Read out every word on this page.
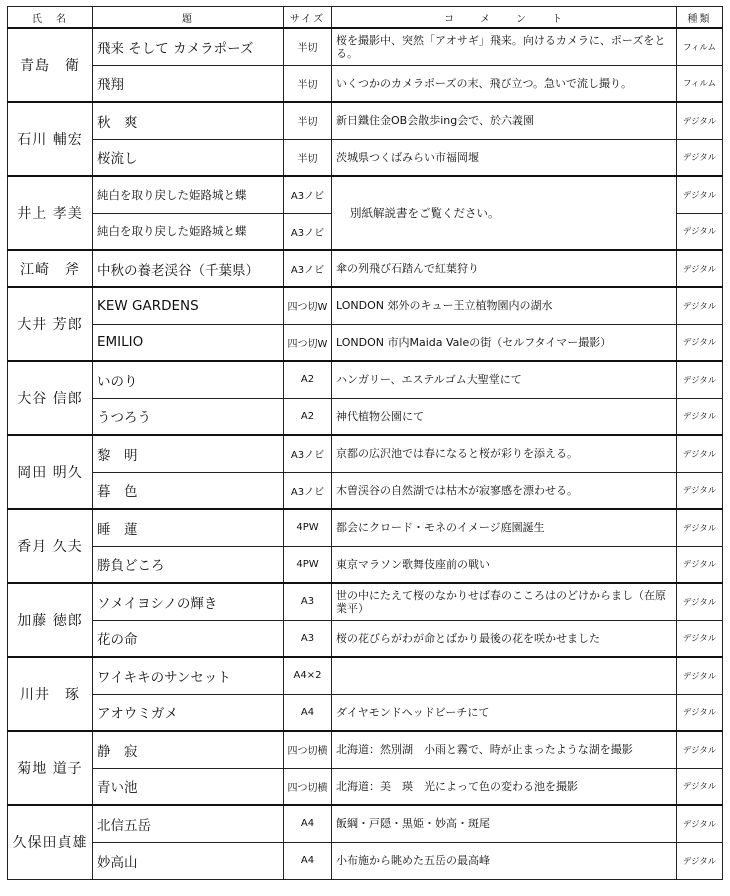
氏　名	題	サイズ	コ　　メ　　ン　　ト	種類
青島　衛	飛来 そして カメラポーズ	半切	桜を撮影中、突然「アオサギ」飛来。向けるカメラに、ポーズをとる。	フィルム
	飛翔	半切	いくつかのカメラポーズの末、飛び立つ。急いで流し撮り。	フィルム
石川 輔宏	秋　爽	半切	新日鐵住金OB会散歩ing会で、於六義園	デジタル
	桜流し	半切	茨城県つくばみらい市福岡堰	デジタル
井上 孝美	純白を取り戻した姫路城と蝶	A3ノビ	別紙解説書をご覧ください。	デジタル
	純白を取り戻した姫路城と蝶	A3ノビ		デジタル
江崎　斧	中秋の養老渓谷（千葉県）	A3ノビ	傘の列飛び石踏んで紅葉狩り	デジタル
大井 芳郎	KEW GARDENS	四つ切W	LONDON 郊外のキュー王立植物園内の湖水	デジタル
	EMILIO	四つ切W	LONDON 市内Maida Valeの街（セルフタイマー撮影）	デジタル
大谷 信郎	いのり	A2	ハンガリー、エステルゴム大聖堂にて	デジタル
	うつろう	A2	神代植物公園にて	デジタル
岡田 明久	黎　明	A3ノビ	京都の広沢池では春になると桜が彩りを添える。	デジタル
	暮　色	A3ノビ	木曽渓谷の自然湖では枯木が寂寥感を漂わせる。	デジタル
香月 久夫	睡　蓮	4PW	都会にクロード・モネのイメージ庭園誕生	デジタル
	勝負どころ	4PW	東京マラソン歌舞伎座前の戦い	デジタル
加藤 徳郎	ソメイヨシノの輝き	A3	世の中にたえて桜のなかりせば春のこころはのどけからまし（在原業平）	デジタル
	花の命	A3	桜の花びらがわが命とばかり最後の花を咲かせました	デジタル
川井　琢	ワイキキのサンセット	A4×2		デジタル
	アオウミガメ	A4	ダイヤモンドヘッドビーチにて	デジタル
菊地 道子	静　寂	四つ切横	北海道：然別湖　小雨と霧で、時が止まったような湖を撮影	デジタル
	青い池	四つ切横	北海道：美　瑛　光によって色の変わる池を撮影	デジタル
久保田貞雄	北信五岳	A4	飯綱・戸隠・黒姫・妙高・斑尾	デジタル
	妙高山	A4	小布施から眺めた五岳の最高峰	デジタル
